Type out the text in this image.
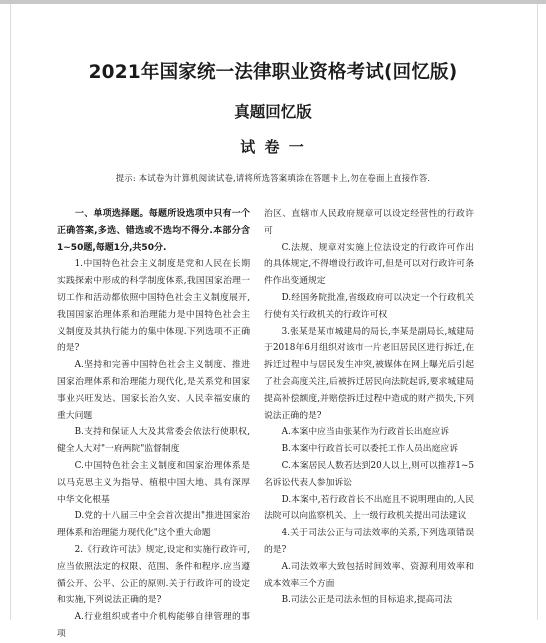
2021年国家统一法律职业资格考试(回忆版)
真题回忆版
试 卷 一
提示: 本试卷为计算机阅读试卷,请将所选答案填涂在答题卡上,勿在卷面上直接作答.

一、单项选择题。每题所设选项中只有一个正确答案,多选、错选或不选均不得分.本部分含1~50题,每题1分,共50分.

1.中国特色社会主义制度是党和人民在长期实践探索中形成的科学制度体系,我国国家治理一切工作和活动都依照中国特色社会主义制度展开,我国国家治理体系和治理能力是中国特色社会主义制度及其执行能力的集中体现.下列选项不正确的是?

A.坚持和完善中国特色社会主义制度、推进国家治理体系和治理能力现代化,是关系党和国家事业兴旺发达、国家长治久安、人民幸福安康的重大问题

B.支持和保证人大及其常委会依法行使职权,健全人大对"一府两院"监督制度

C.中国特色社会主义制度和国家治理体系是以马克思主义为指导、植根中国大地、具有深厚中华文化根基

D.党的十八届三中全会首次提出"推进国家治理体系和治理能力现代化"这个重大命题

2.《行政许可法》规定,设定和实施行政许可,应当依照法定的权限、范围、条件和程序.应当遵循公开、公平、公正的原则.关于行政许可的设定和实施,下列说法正确的是?

A.行业组织或者中介机构能够自律管理的事项

治区、直辖市人民政府规章可以设定经营性的行政许可

C.法规、规章对实施上位法设定的行政许可作出的具体规定,不得增设行政许可,但是可以对行政许可条件作出变通规定

D.经国务院批准,省级政府可以决定一个行政机关行使有关行政机关的行政许可权

3.张某是某市城建局的局长,李某是副局长,城建局于2018年6月组织对该市一片老旧居民区进行拆迁,在拆迁过程中与居民发生冲突,被媒体在网上曝光后引起了社会高度关注,后被拆迁居民向法院起诉,要求城建局提高补偿额度,并赔偿拆迁过程中造成的财产损失,下列说法正确的是?

A.本案中应当由张某作为行政首长出庭应诉

B.本案中行政首长可以委托工作人员出庭应诉

C.本案居民人数若达到20人以上,则可以推荐1~5名诉讼代表人参加诉讼

D.本案中,若行政首长不出庭且不说明理由的,人民法院可以向监察机关、上一级行政机关提出司法建议

4.关于司法公正与司法效率的关系,下列选项错误的是?

A.司法效率大致包括时间效率、资源利用效率和成本效率三个方面

B.司法公正是司法永恒的目标追求,提高司法
